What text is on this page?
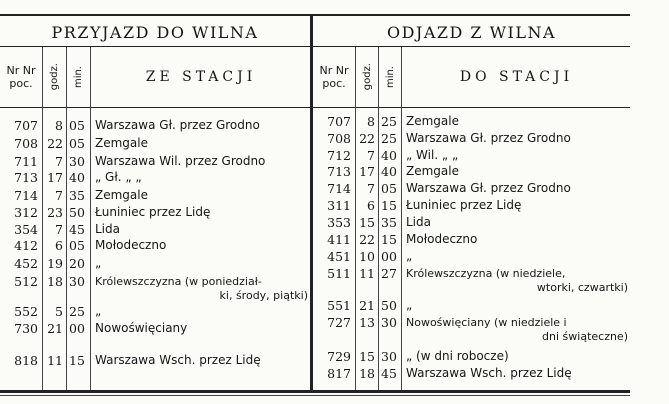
PRZYJAZD DO WILNA
Nr Nr poc.	godz. min.	ZE STACJI
707	8 05 Warszawa Gł. przez Grodno
708 22 05 Zemgale
711	7 30 Warszawa Wil. przez Grodno
713 17 40 „ Gł. „ „
714	7 35 Zemgale
312 23 50 Łuniniec przez Lidę
354	7 45 Lida
412	6 05 Mołodeczno
452 19 20 „
512 18 30 Królewszczyzna (w poniedział-
ki, środy, piątki)
552	5 25 „
730 21 00 Nowoświęciany
818 11 15 Warszawa Wsch. przez Lidę
ODJAZD Z WILNA
Nr Nr poc.	godz. min.	DO STACJI
707	8 25 Zemgale
708 22 25 Warszawa Gł. przez Grodno
712	7 40 „ Wil. „ „
713 17 40 Zemgale
714	7 05 Warszawa Gł. przez Grodno
311	6 15 Łuniniec przez Lidę
353 15 35 Lida
411 22 15 Mołodeczno
451 10 00 „
511 11 27 Królewszczyzna (w niedziele,
wtorki, czwartki)
551 21 50 „
727 13 30 Nowoświęciany (w niedziele i
dni świąteczne)
729 15 30 „ (w dni robocze)
817 18 45 Warszawa Wsch. przez Lidę
